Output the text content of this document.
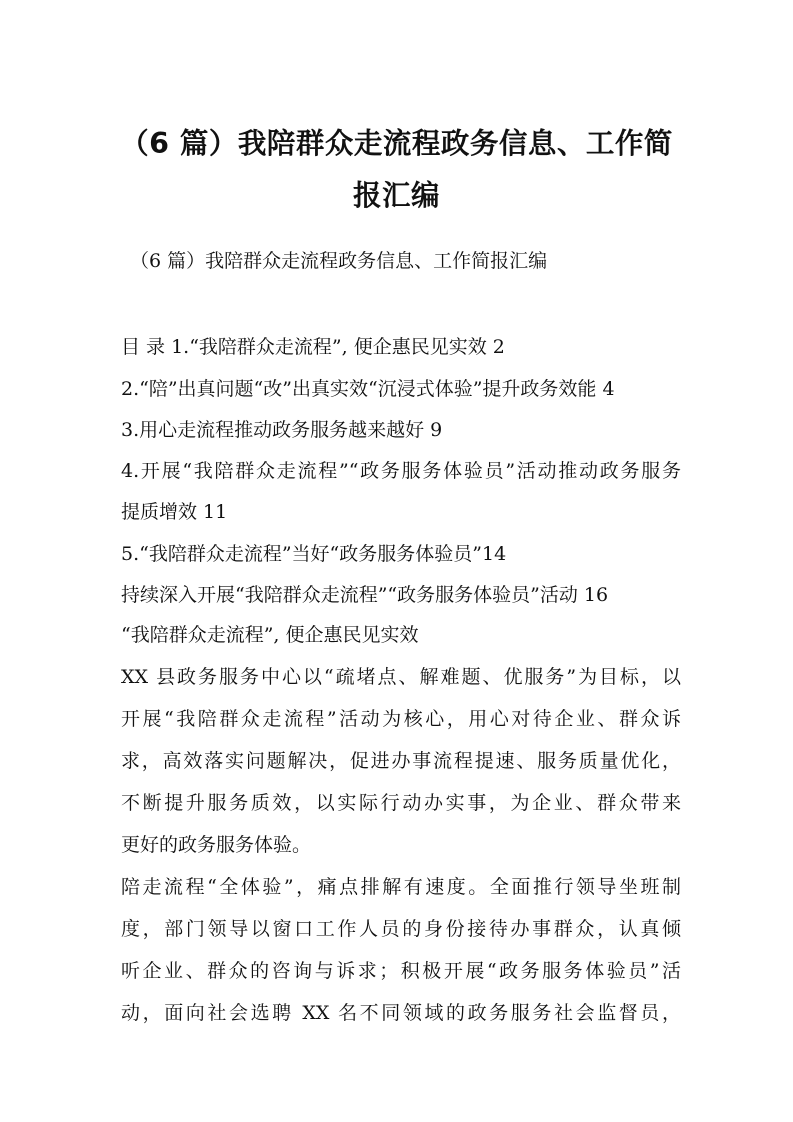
（6 篇）我陪群众走流程政务信息、工作简报汇编
（6 篇）我陪群众走流程政务信息、工作简报汇编
目 录 1.“我陪群众走流程”, 便企惠民见实效 2
2.“陪”出真问题“改”出真实效“沉浸式体验”提升政务效能 4
3.用心走流程推动政务服务越来越好 9
4.开展“我陪群众走流程”“政务服务体验员”活动推动政务服务
提质增效 11
5.“我陪群众走流程”当好“政务服务体验员”14
持续深入开展“我陪群众走流程”“政务服务体验员”活动 16
“我陪群众走流程”, 便企惠民见实效
XX 县政务服务中心以“疏堵点、解难题、优服务”为目标，以
开展“我陪群众走流程”活动为核心，用心对待企业、群众诉
求，高效落实问题解决，促进办事流程提速、服务质量优化，
不断提升服务质效，以实际行动办实事，为企业、群众带来
更好的政务服务体验。
陪走流程“全体验”，痛点排解有速度。全面推行领导坐班制
度，部门领导以窗口工作人员的身份接待办事群众，认真倾
听企业、群众的咨询与诉求；积极开展“政务服务体验员”活
动，面向社会选聘 XX 名不同领域的政务服务社会监督员，
